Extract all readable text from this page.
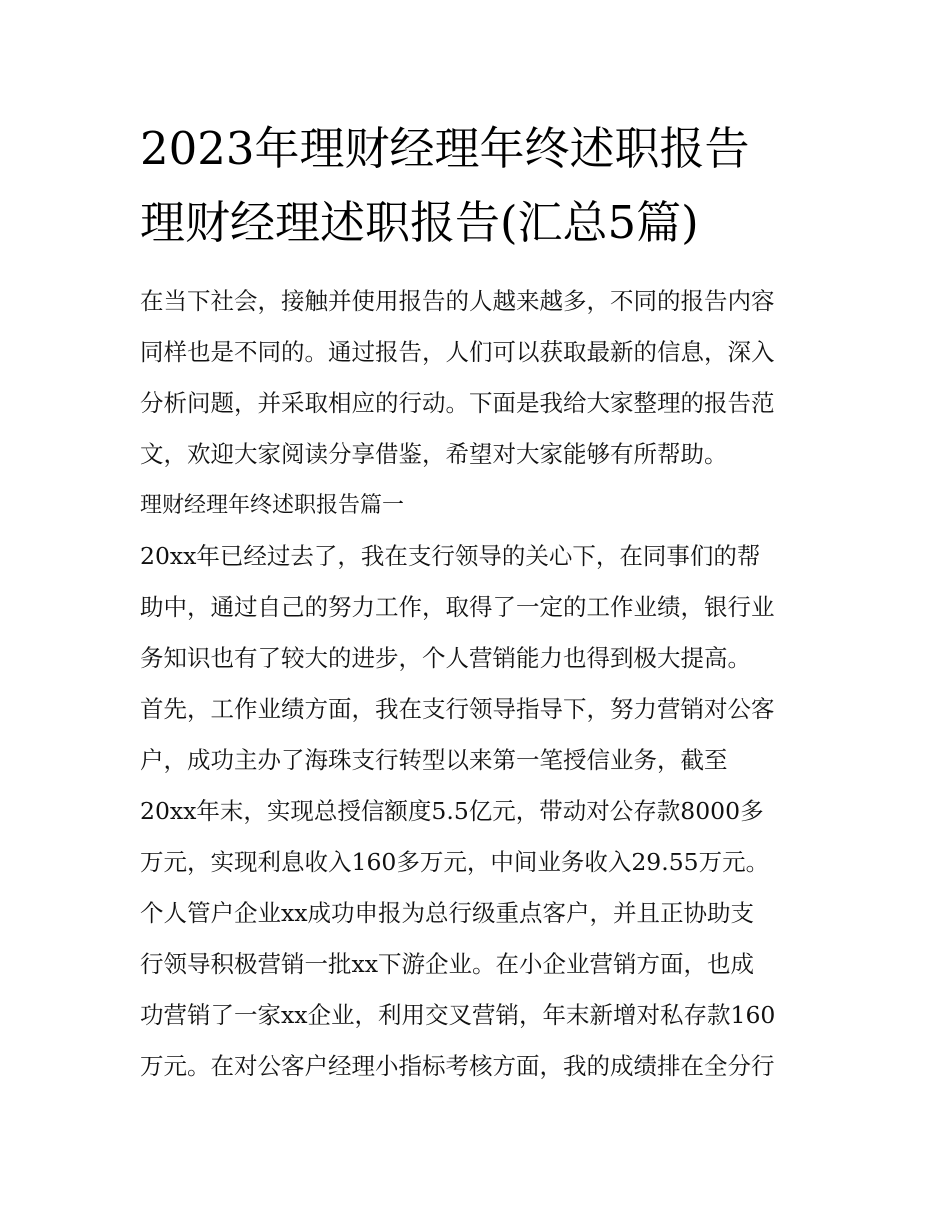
2023年理财经理年终述职报告
理财经理述职报告(汇总5篇)
在当下社会，接触并使用报告的人越来越多，不同的报告内容
同样也是不同的。通过报告，人们可以获取最新的信息，深入
分析问题，并采取相应的行动。下面是我给大家整理的报告范
文，欢迎大家阅读分享借鉴，希望对大家能够有所帮助。
理财经理年终述职报告篇一
20xx年已经过去了，我在支行领导的关心下，在同事们的帮
助中，通过自己的努力工作，取得了一定的工作业绩，银行业
务知识也有了较大的进步，个人营销能力也得到极大提高。
首先，工作业绩方面，我在支行领导指导下，努力营销对公客
户，成功主办了海珠支行转型以来第一笔授信业务，截至
20xx年末，实现总授信额度5.5亿元，带动对公存款8000多
万元，实现利息收入160多万元，中间业务收入29.55万元。
个人管户企业xx成功申报为总行级重点客户，并且正协助支
行领导积极营销一批xx下游企业。在小企业营销方面，也成
功营销了一家xx企业，利用交叉营销，年末新增对私存款160
万元。在对公客户经理小指标考核方面，我的成绩排在全分行
